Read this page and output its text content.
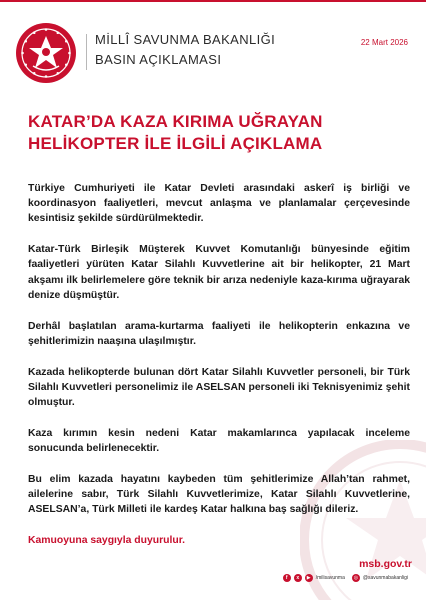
MİLLÎ SAVUNMA BAKANLIĞI
BASIN AÇIKLAMASI
22 Mart 2026
KATAR’DA KAZA KIRIMA UĞRAYAN
HELİKOPTER İLE İLGİLİ AÇIKLAMA

Türkiye Cumhuriyeti ile Katar Devleti arasındaki askerî iş birliği ve koordinasyon faaliyetleri, mevcut anlaşma ve planlamalar çerçevesinde kesintisiz şekilde sürdürülmektedir.

Katar-Türk Birleşik Müşterek Kuvvet Komutanlığı bünyesinde eğitim faaliyetleri yürüten Katar Silahlı Kuvvetlerine ait bir helikopter, 21 Mart akşamı ilk belirlemelere göre teknik bir arıza nedeniyle kaza-kırıma uğrayarak denize düşmüştür.

Derhâl başlatılan arama-kurtarma faaliyeti ile helikopterin enkazına ve şehitlerimizin naaşına ulaşılmıştır.

Kazada helikopterde bulunan dört Katar Silahlı Kuvvetler personeli, bir Türk Silahlı Kuvvetleri personelimiz ile ASELSAN personeli iki Teknisyenimiz şehit olmuştur.

Kaza kırımın kesin nedeni Katar makamlarınca yapılacak inceleme sonucunda belirlenecektir.

Bu elim kazada hayatını kaybeden tüm şehitlerimize Allah’tan rahmet, ailelerine sabır, Türk Silahlı Kuvvetlerimize, Katar Silahlı Kuvvetlerine, ASELSAN’a, Türk Milleti ile kardeş Katar halkına baş sağlığı dileriz.

Kamuoyuna saygıyla duyurulur.

msb.gov.tr
f	x	▶	/milisavunma	◎ @savunmabakanligi
